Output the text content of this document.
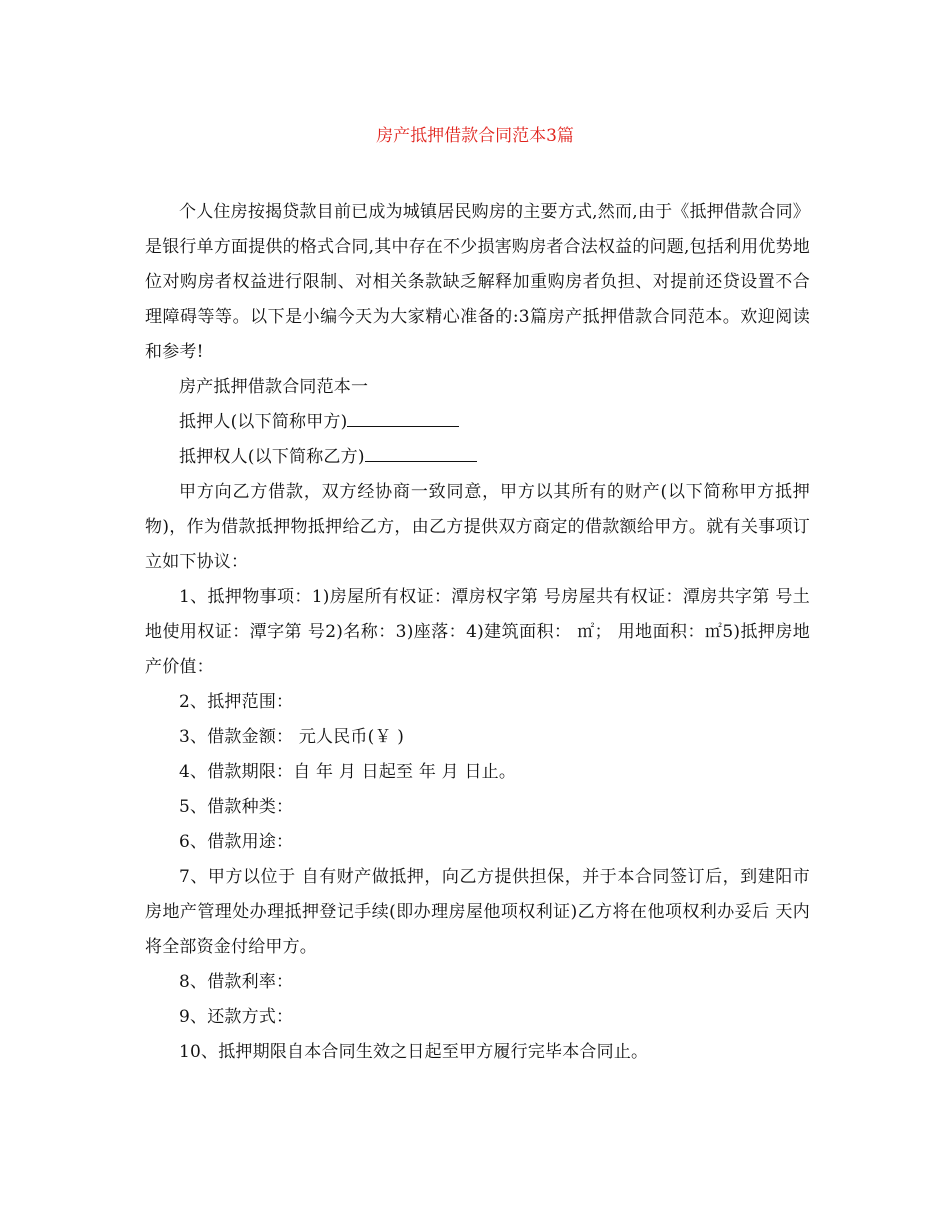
房产抵押借款合同范本3篇

个人住房按揭贷款目前已成为城镇居民购房的主要方式,然而,由于《抵押借款合同》是银行单方面提供的格式合同,其中存在不少损害购房者合法权益的问题,包括利用优势地位对购房者权益进行限制、对相关条款缺乏解释加重购房者负担、对提前还贷设置不合理障碍等等。以下是小编今天为大家精心准备的:3篇房产抵押借款合同范本。欢迎阅读和参考!

房产抵押借款合同范本一

抵押人(以下简称甲方)

抵押权人(以下简称乙方)

甲方向乙方借款，双方经协商一致同意，甲方以其所有的财产(以下简称甲方抵押物)，作为借款抵押物抵押给乙方，由乙方提供双方商定的借款额给甲方。就有关事项订立如下协议：

1、抵押物事项：1)房屋所有权证：潭房权字第 号房屋共有权证：潭房共字第 号土地使用权证：潭字第 号2)名称：3)座落：4)建筑面积： ㎡； 用地面积：㎡5)抵押房地产价值：

2、抵押范围：

3、借款金额： 元人民币(￥ )

4、借款期限：自 年 月 日起至 年 月 日止。

5、借款种类：

6、借款用途：

7、甲方以位于 自有财产做抵押，向乙方提供担保，并于本合同签订后，到建阳市房地产管理处办理抵押登记手续(即办理房屋他项权利证)乙方将在他项权利办妥后 天内将全部资金付给甲方。

8、借款利率：

9、还款方式：

10、抵押期限自本合同生效之日起至甲方履行完毕本合同止。
